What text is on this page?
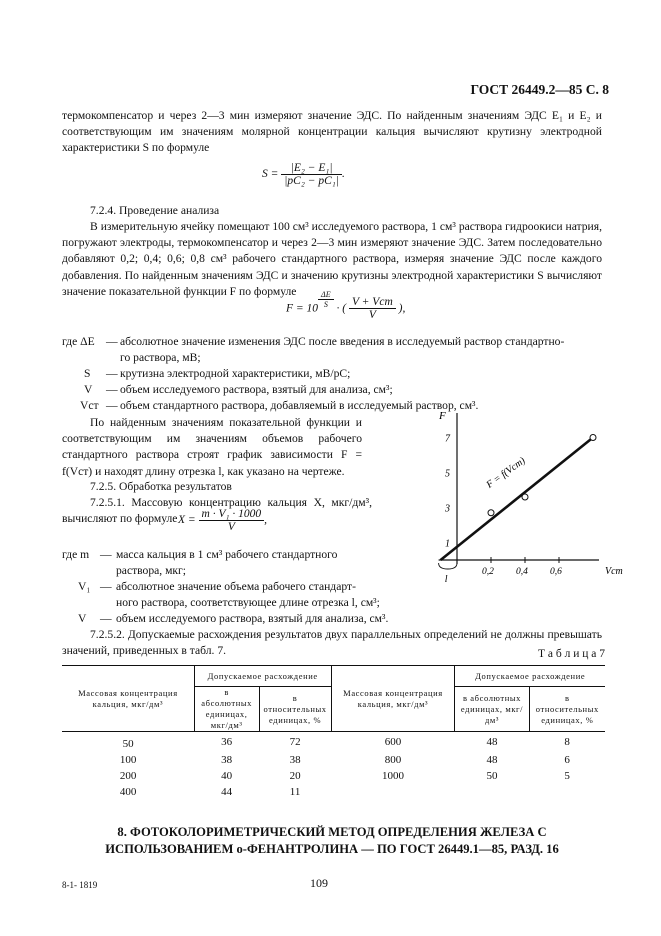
ГОСТ 26449.2—85 С. 8
термокомпенсатор и через 2—3 мин измеряют значение ЭДС. По найденным значениям ЭДС E₁ и E₂ и соответствующим им значениям молярной концентрации кальция вычисляют крутизну электродной характеристики S по формуле
$S = \frac{\text{|E₂ − E₁|}}{\text{|pC₂ − pC₁|}}$ .
7.2.4. Проведение анализа
В измерительную ячейку помещают 100 см³ исследуемого раствора, 1 см³ раствора гидроокиси натрия, погружают электроды, термокомпенсатор и через 2—3 мин измеряют значение ЭДС. Затем последовательно добавляют 0,2; 0,4; 0,6; 0,8 см³ рабочего стандартного раствора, измеряя значение ЭДС после каждого добавления. По найденным значениям ЭДС и значению крутизны электродной характеристики S вычисляют значение показательной функции F по формуле
F = 10 $^{\frac{\Delta E}{S}}$ · ( $\frac{\text{V + Vст}}{V}$ ),
где ΔE — абсолютное значение изменения ЭДС после введения в исследуемый раствор стандартно-
го раствора, мВ;
S — крутизна электродной характеристики, мВ/pC;
V — объем исследуемого раствора, взятый для анализа, см³;
Vст — объем стандартного раствора, добавляемый в исследуемый раствор, см³.
По найденным значениям показательной функции и соответствующим им значениям объемов рабочего стандартного раствора строят график зависимости F = f(Vст) и находят длину отрезка l, как указано на чертеже.
7.2.5. Обработка результатов
7.2.5.1. Массовую концентрацию кальция X, мкг/дм³, вычисляют по формуле $X = \frac{\text{m · V₁ · 1000}}{V}$ ,
где m — масса кальция в 1 см³ рабочего стандартного
раствора, мкг;
V₁ — абсолютное значение объема рабочего стандарт-
ного раствора, соответствующее длине отрезка l, см³;
V — объем исследуемого раствора, взятый для анализа, см³.
7.2.5.2. Допускаемые расхождения результатов двух параллельных определений не должны превышать значений, приведенных в табл. 7.
1
3
5
7
0,2 0,4 0,6
F
Vст
F = f(Vст)
l
Т а б л и ц а 7
Массовая концентрация кальция, мкг/дм³	Допускаемое расхождение		Массовая концентрация кальция, мкг/дм³	Допускаемое расхождение	
	в абсолютных единицах, мкг/дм³	в относительных единицах, %		в абсолютных единицах, мкг/дм³	в относительных единицах, %
50	36	72	600	48	8
100	38	38	800	48	6
200	40	20	1000	50	5
400	44	11			
8. ФОТОКОЛОРИМЕТРИЧЕСКИЙ МЕТОД ОПРЕДЕЛЕНИЯ ЖЕЛЕЗА С ИСПОЛЬЗОВАНИЕМ о-ФЕНАНТРОЛИНА — ПО ГОСТ 26449.1—85, РАЗД. 16
8-1- 1819	109
